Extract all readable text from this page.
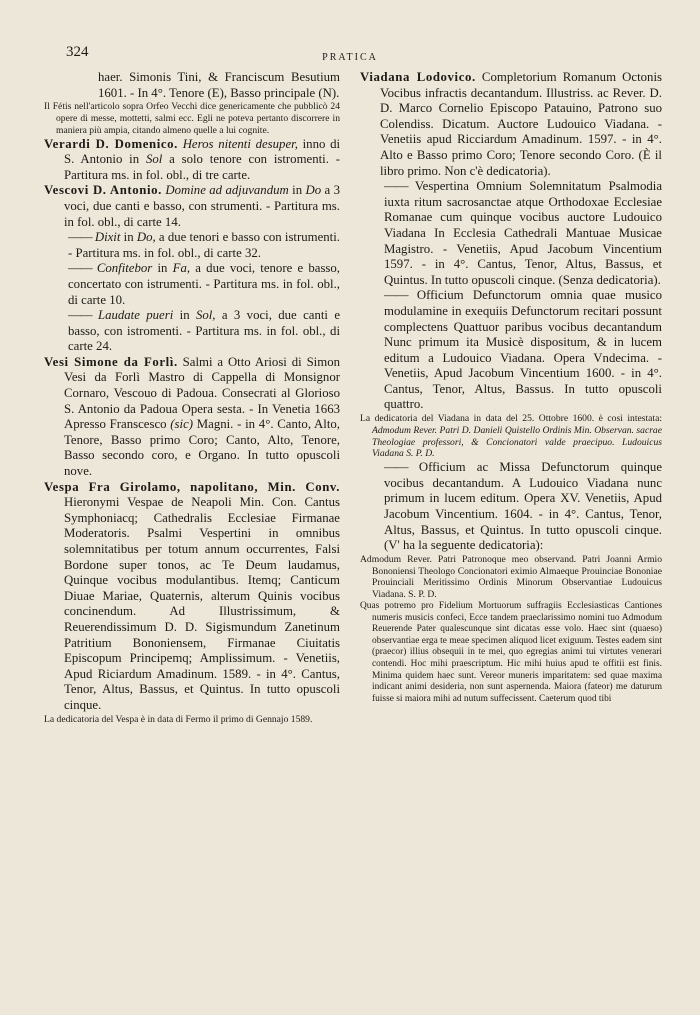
324	PRATICA

haer. Simonis Tini, & Franciscum Besutium 1601. - In 4°. Tenore (E), Basso principale (N).

Il Fétis nell'articolo sopra Orfeo Vecchi dice genericamente che pubblicò 24 opere di messe, mottetti, salmi ecc. Egli ne poteva pertanto discorrere in maniera più ampia, citando almeno quelle a lui cognite.

Verardi D. Domenico. Heros nitenti desuper, inno di S. Antonio in Sol a solo tenore con istromenti. - Partitura ms. in fol. obl., di tre carte.

Vescovi D. Antonio. Domine ad adjuvandum in Do a 3 voci, due canti e basso, con strumenti. - Partitura ms. in fol. obl., di carte 14.

—— Dixit in Do, a due tenori e basso con istrumenti. - Partitura ms. in fol. obl., di carte 32.

—— Confitebor in Fa, a due voci, tenore e basso, concertato con istrumenti. - Partitura ms. in fol. obl., di carte 10.

—— Laudate pueri in Sol, a 3 voci, due canti e basso, con istromenti. - Partitura ms. in fol. obl., di carte 24.

Vesi Simone da Forlì. Salmi a Otto Ariosi di Simon Vesi da Forlì Mastro di Cappella di Monsignor Cornaro, Vescouo di Padoua. Consecrati al Glorioso S. Antonio da Padoua Opera sesta. - In Venetia 1663 Apresso Franscesco (sic) Magni. - in 4°. Canto, Alto, Tenore, Basso primo Coro; Canto, Alto, Tenore, Basso secondo coro, e Organo. In tutto opuscoli nove.

Vespa Fra Girolamo, napolitano, Min. Conv. Hieronymi Vespae de Neapoli Min. Con. Cantus Symphoniacq; Cathedralis Ecclesiae Firmanae Moderatoris. Psalmi Vespertini in omnibus solemnitatibus per totum annum occurrentes, Falsi Bordone super tonos, ac Te Deum laudamus, Quinque vocibus modulantibus. Itemq; Canticum Diuae Mariae, Quaternis, alterum Quinis vocibus concinendum. Ad Illustrissimum, & Reuerendissimum D. D. Sigismundum Zanetinum Patritium Bononiensem, Firmanae Ciuitatis Episcopum Principemq; Amplissimum. - Venetiis, Apud Riciardum Amadinum. 1589. - in 4°. Cantus, Tenor, Altus, Bassus, et Quintus. In tutto opuscoli cinque.

La dedicatoria del Vespa è in data di Fermo il primo di Gennajo 1589.

Viadana Lodovico. Completorium Romanum Octonis Vocibus infractis decantandum. Illustriss. ac Rever. D. D. Marco Cornelio Episcopo Patauino, Patrono suo Colendiss. Dicatum. Auctore Ludouico Viadana. - Venetiis apud Ricciardum Amadinum. 1597. - in 4°. Alto e Basso primo Coro; Tenore secondo Coro. (È il libro primo. Non c'è dedicatoria).

—— Vespertina Omnium Solemnitatum Psalmodia iuxta ritum sacrosanctae atque Orthodoxae Ecclesiae Romanae cum quinque vocibus auctore Ludouico Viadana In Ecclesia Cathedrali Mantuae Musicae Magistro. - Venetiis, Apud Jacobum Vincentium 1597. - in 4°. Cantus, Tenor, Altus, Bassus, et Quintus. In tutto opuscoli cinque. (Senza dedicatoria).

—— Officium Defunctorum omnia quae musico modulamine in exequiis Defunctorum recitari possunt complectens Quattuor paribus vocibus decantandum Nunc primum ita Musicè dispositum, & in lucem editum a Ludouico Viadana. Opera Vndecima. - Venetiis, Apud Jacobum Vincentium 1600. - in 4°. Cantus, Tenor, Altus, Bassus. In tutto opuscoli quattro.

La dedicatoria del Viadana in data del 25. Ottobre 1600. è così intestata: Admodum Rever. Patri D. Danieli Quistello Ordinis Min. Observan. sacrae Theologiae professori, & Concionatori valde praecipuo. Ludouicus Viadana S. P. D.

—— Officium ac Missa Defunctorum quinque vocibus decantandum. A Ludouico Viadana nunc primum in lucem editum. Opera XV. Venetiis, Apud Jacobum Vincentium. 1604. - in 4°. Cantus, Tenor, Altus, Bassus, et Quintus. In tutto opuscoli cinque. (V' ha la seguente dedicatoria):

Admodum Rever. Patri Patronoque meo observand. Patri Joanni Armio Bononiensi Theologo Concionatori eximio Almaeque Prouinciae Bononiae Prouinciali Meritissimo Ordinis Minorum Observantiae Ludouicus Viadana. S. P. D.

Quas potremo pro Fidelium Mortuorum suffragiis Ecclesiasticas Cantiones numeris musicis confeci, Ecce tandem praeclarissimo nomini tuo Admodum Reuerende Pater qualescunque sint dicatas esse volo. Haec sint (quaeso) observantiae erga te meae specimen aliquod licet exiguum. Testes eadem sint (praecor) illius obsequii in te mei, quo egregias animi tui virtutes venerari contendi. Hoc mihi praescriptum. Hic mihi huius apud te offitii est finis. Minima quidem haec sunt. Vereor muneris imparitatem: sed quae maxima indicant animi desideria, non sunt aspernenda. Maiora (fateor) me daturum fuisse si maiora mihi ad nutum suffecissent. Caeterum quod tibi
